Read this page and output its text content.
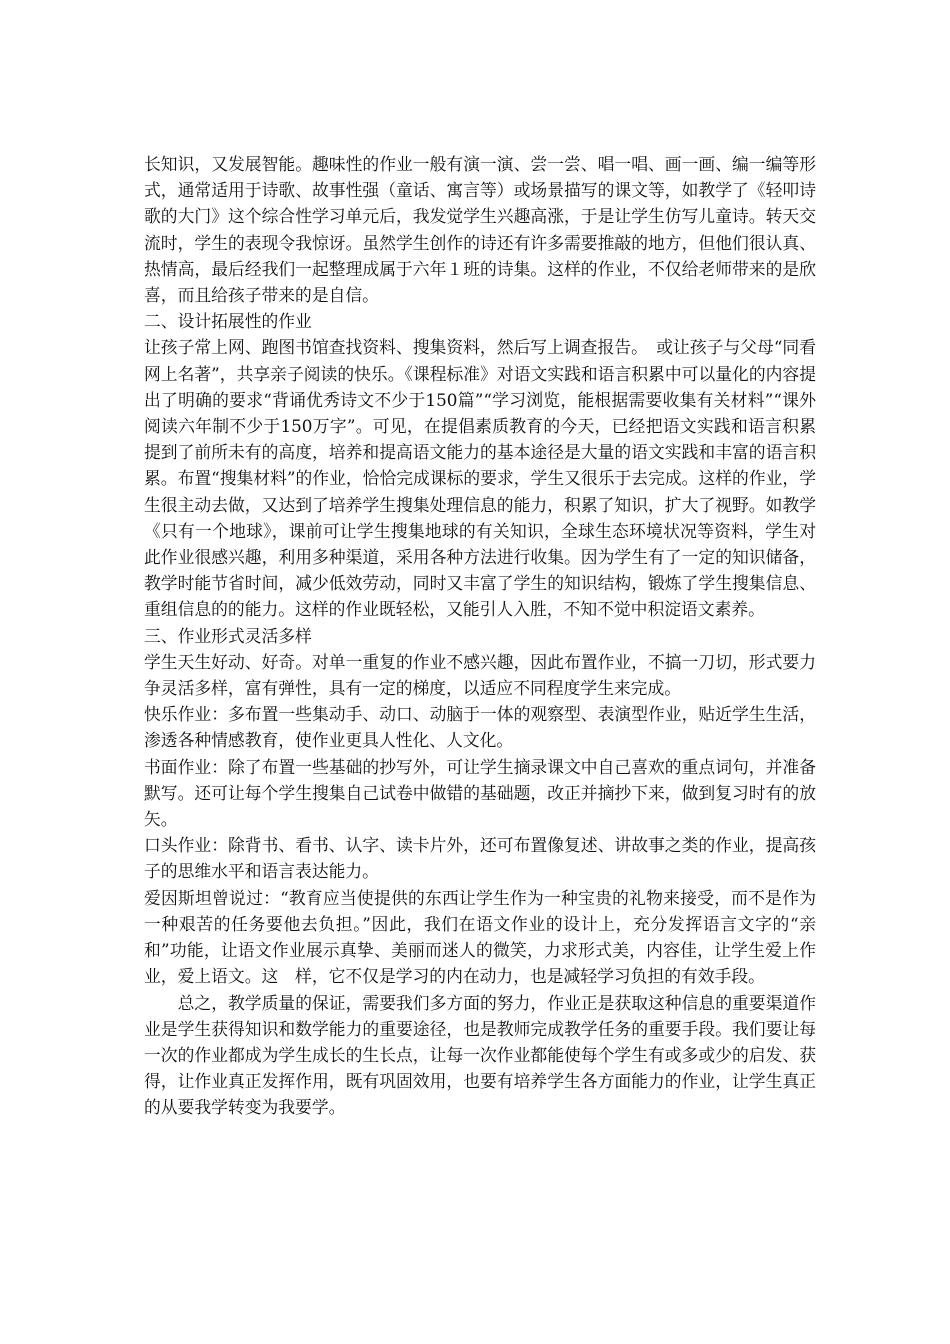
长知识，又发展智能。趣味性的作业一般有演一演、尝一尝、唱一唱、画一画、编一编等形式，通常适用于诗歌、故事性强（童话、寓言等）或场景描写的课文等，如教学了《轻叩诗歌的大门》这个综合性学习单元后，我发觉学生兴趣高涨，于是让学生仿写儿童诗。转天交流时，学生的表现令我惊讶。虽然学生创作的诗还有许多需要推敲的地方，但他们很认真、热情高，最后经我们一起整理成属于六年１班的诗集。这样的作业，不仅给老师带来的是欣喜，而且给孩子带来的是自信。

二、设计拓展性的作业

让孩子常上网、跑图书馆查找资料、搜集资料，然后写上调查报告。　或让孩子与父母“同看网上名著”，共享亲子阅读的快乐。《课程标准》对语文实践和语言积累中可以量化的内容提出了明确的要求“背诵优秀诗文不少于150篇”“学习浏览，能根据需要收集有关材料”“课外阅读六年制不少于150万字”。可见，在提倡素质教育的今天，已经把语文实践和语言积累提到了前所未有的高度，培养和提高语文能力的基本途径是大量的语文实践和丰富的语言积累。布置“搜集材料”的作业，恰恰完成课标的要求，学生又很乐于去完成。这样的作业，学生很主动去做，又达到了培养学生搜集处理信息的能力，积累了知识，扩大了视野。如教学《只有一个地球》，课前可让学生搜集地球的有关知识，全球生态环境状况等资料，学生对此作业很感兴趣，利用多种渠道，采用各种方法进行收集。因为学生有了一定的知识储备，教学时能节省时间，减少低效劳动，同时又丰富了学生的知识结构，锻炼了学生搜集信息、重组信息的的能力。这样的作业既轻松，又能引人入胜，不知不觉中积淀语文素养。

三、作业形式灵活多样

学生天生好动、好奇。对单一重复的作业不感兴趣，因此布置作业，不搞一刀切，形式要力争灵活多样，富有弹性，具有一定的梯度，以适应不同程度学生来完成。

快乐作业：多布置一些集动手、动口、动脑于一体的观察型、表演型作业，贴近学生生活，渗透各种情感教育，使作业更具人性化、人文化。

书面作业：除了布置一些基础的抄写外，可让学生摘录课文中自己喜欢的重点词句，并准备默写。还可让每个学生搜集自己试卷中做错的基础题，改正并摘抄下来，做到复习时有的放矢。

口头作业：除背书、看书、认字、读卡片外，还可布置像复述、讲故事之类的作业，提高孩子的思维水平和语言表达能力。

爱因斯坦曾说过：“教育应当使提供的东西让学生作为一种宝贵的礼物来接受，而不是作为一种艰苦的任务要他去负担。”因此，我们在语文作业的设计上，充分发挥语言文字的“亲和”功能，让语文作业展示真挚、美丽而迷人的微笑，力求形式美，内容佳，让学生爱上作业，爱上语文。这　样，它不仅是学习的内在动力，也是减轻学习负担的有效手段。

总之，教学质量的保证，需要我们多方面的努力，作业正是获取这种信息的重要渠道作业是学生获得知识和数学能力的重要途径，也是教师完成教学任务的重要手段。我们要让每一次的作业都成为学生成长的生长点，让每一次作业都能使每个学生有或多或少的启发、获得，让作业真正发挥作用，既有巩固效用，也要有培养学生各方面能力的作业，让学生真正的从要我学转变为我要学。
